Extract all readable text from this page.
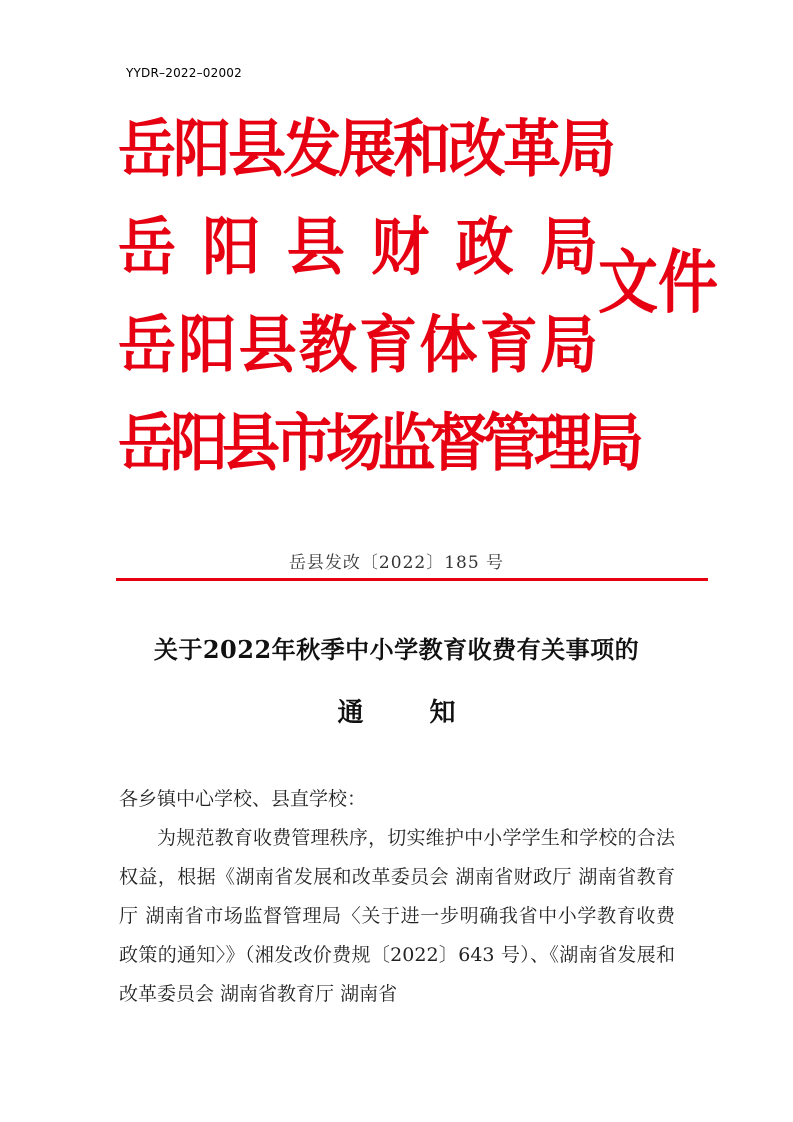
YYDR–2022–02002
岳阳县发展和改革局
岳 阳 县 财 政 局
岳 阳 县 教 育 体 育 局
岳阳县市场监督管理局
文件
岳县发改〔2022〕185 号
关于2022年秋季中小学教育收费有关事项的
通知

各乡镇中心学校、县直学校：

为规范教育收费管理秩序，切实维护中小学学生和学校的合法权益，根据《湖南省发展和改革委员会 湖南省财政厅 湖南省教育厅 湖南省市场监督管理局〈关于进一步明确我省中小学教育收费政策的通知〉》（湘发改价费规〔2022〕643 号）、《湖南省发展和改革委员会 湖南省教育厅 湖南省
